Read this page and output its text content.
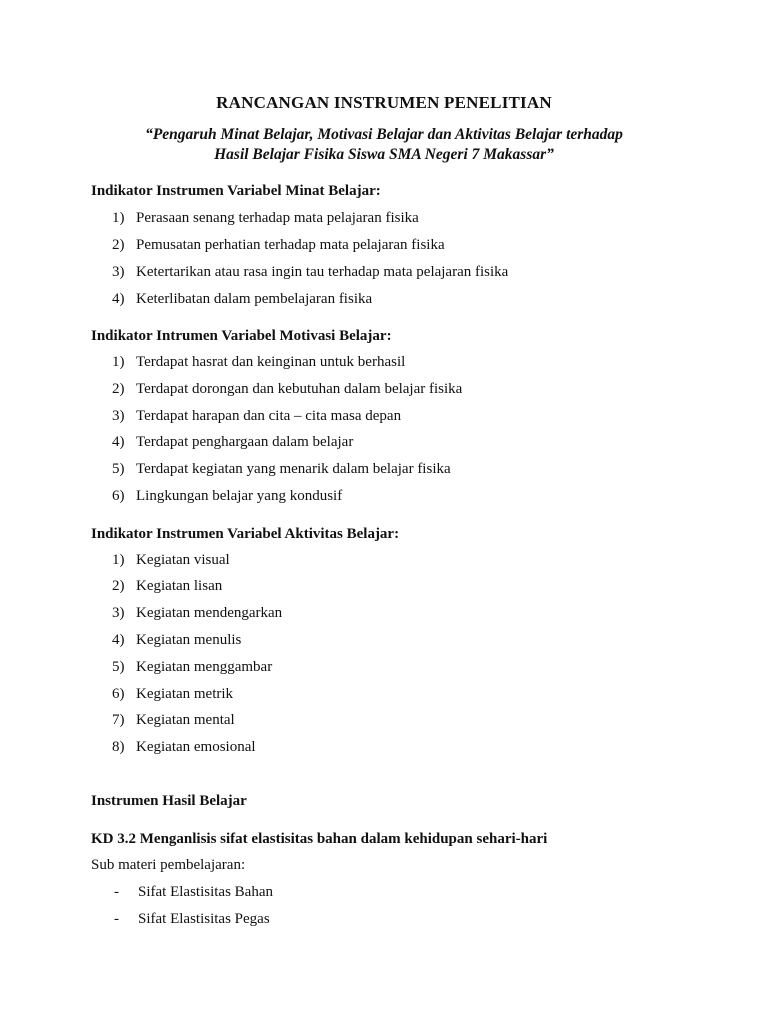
RANCANGAN INSTRUMEN PENELITIAN
“Pengaruh Minat Belajar, Motivasi Belajar dan Aktivitas Belajar terhadap
Hasil Belajar Fisika Siswa SMA Negeri 7 Makassar”
Indikator Instrumen Variabel Minat Belajar:
1) Perasaan senang terhadap mata pelajaran fisika
2) Pemusatan perhatian terhadap mata pelajaran fisika
3) Ketertarikan atau rasa ingin tau terhadap mata pelajaran fisika
4) Keterlibatan dalam pembelajaran fisika
Indikator Intrumen Variabel Motivasi Belajar:
1) Terdapat hasrat dan keinginan untuk berhasil
2) Terdapat dorongan dan kebutuhan dalam belajar fisika
3) Terdapat harapan dan cita – cita masa depan
4) Terdapat penghargaan dalam belajar
5) Terdapat kegiatan yang menarik dalam belajar fisika
6) Lingkungan belajar yang kondusif
Indikator Instrumen Variabel Aktivitas Belajar:
1) Kegiatan visual
2) Kegiatan lisan
3) Kegiatan mendengarkan
4) Kegiatan menulis
5) Kegiatan menggambar
6) Kegiatan metrik
7) Kegiatan mental
8) Kegiatan emosional
Instrumen Hasil Belajar
KD 3.2 Menganlisis sifat elastisitas bahan dalam kehidupan sehari-hari
Sub materi pembelajaran:
- Sifat Elastisitas Bahan
- Sifat Elastisitas Pegas
